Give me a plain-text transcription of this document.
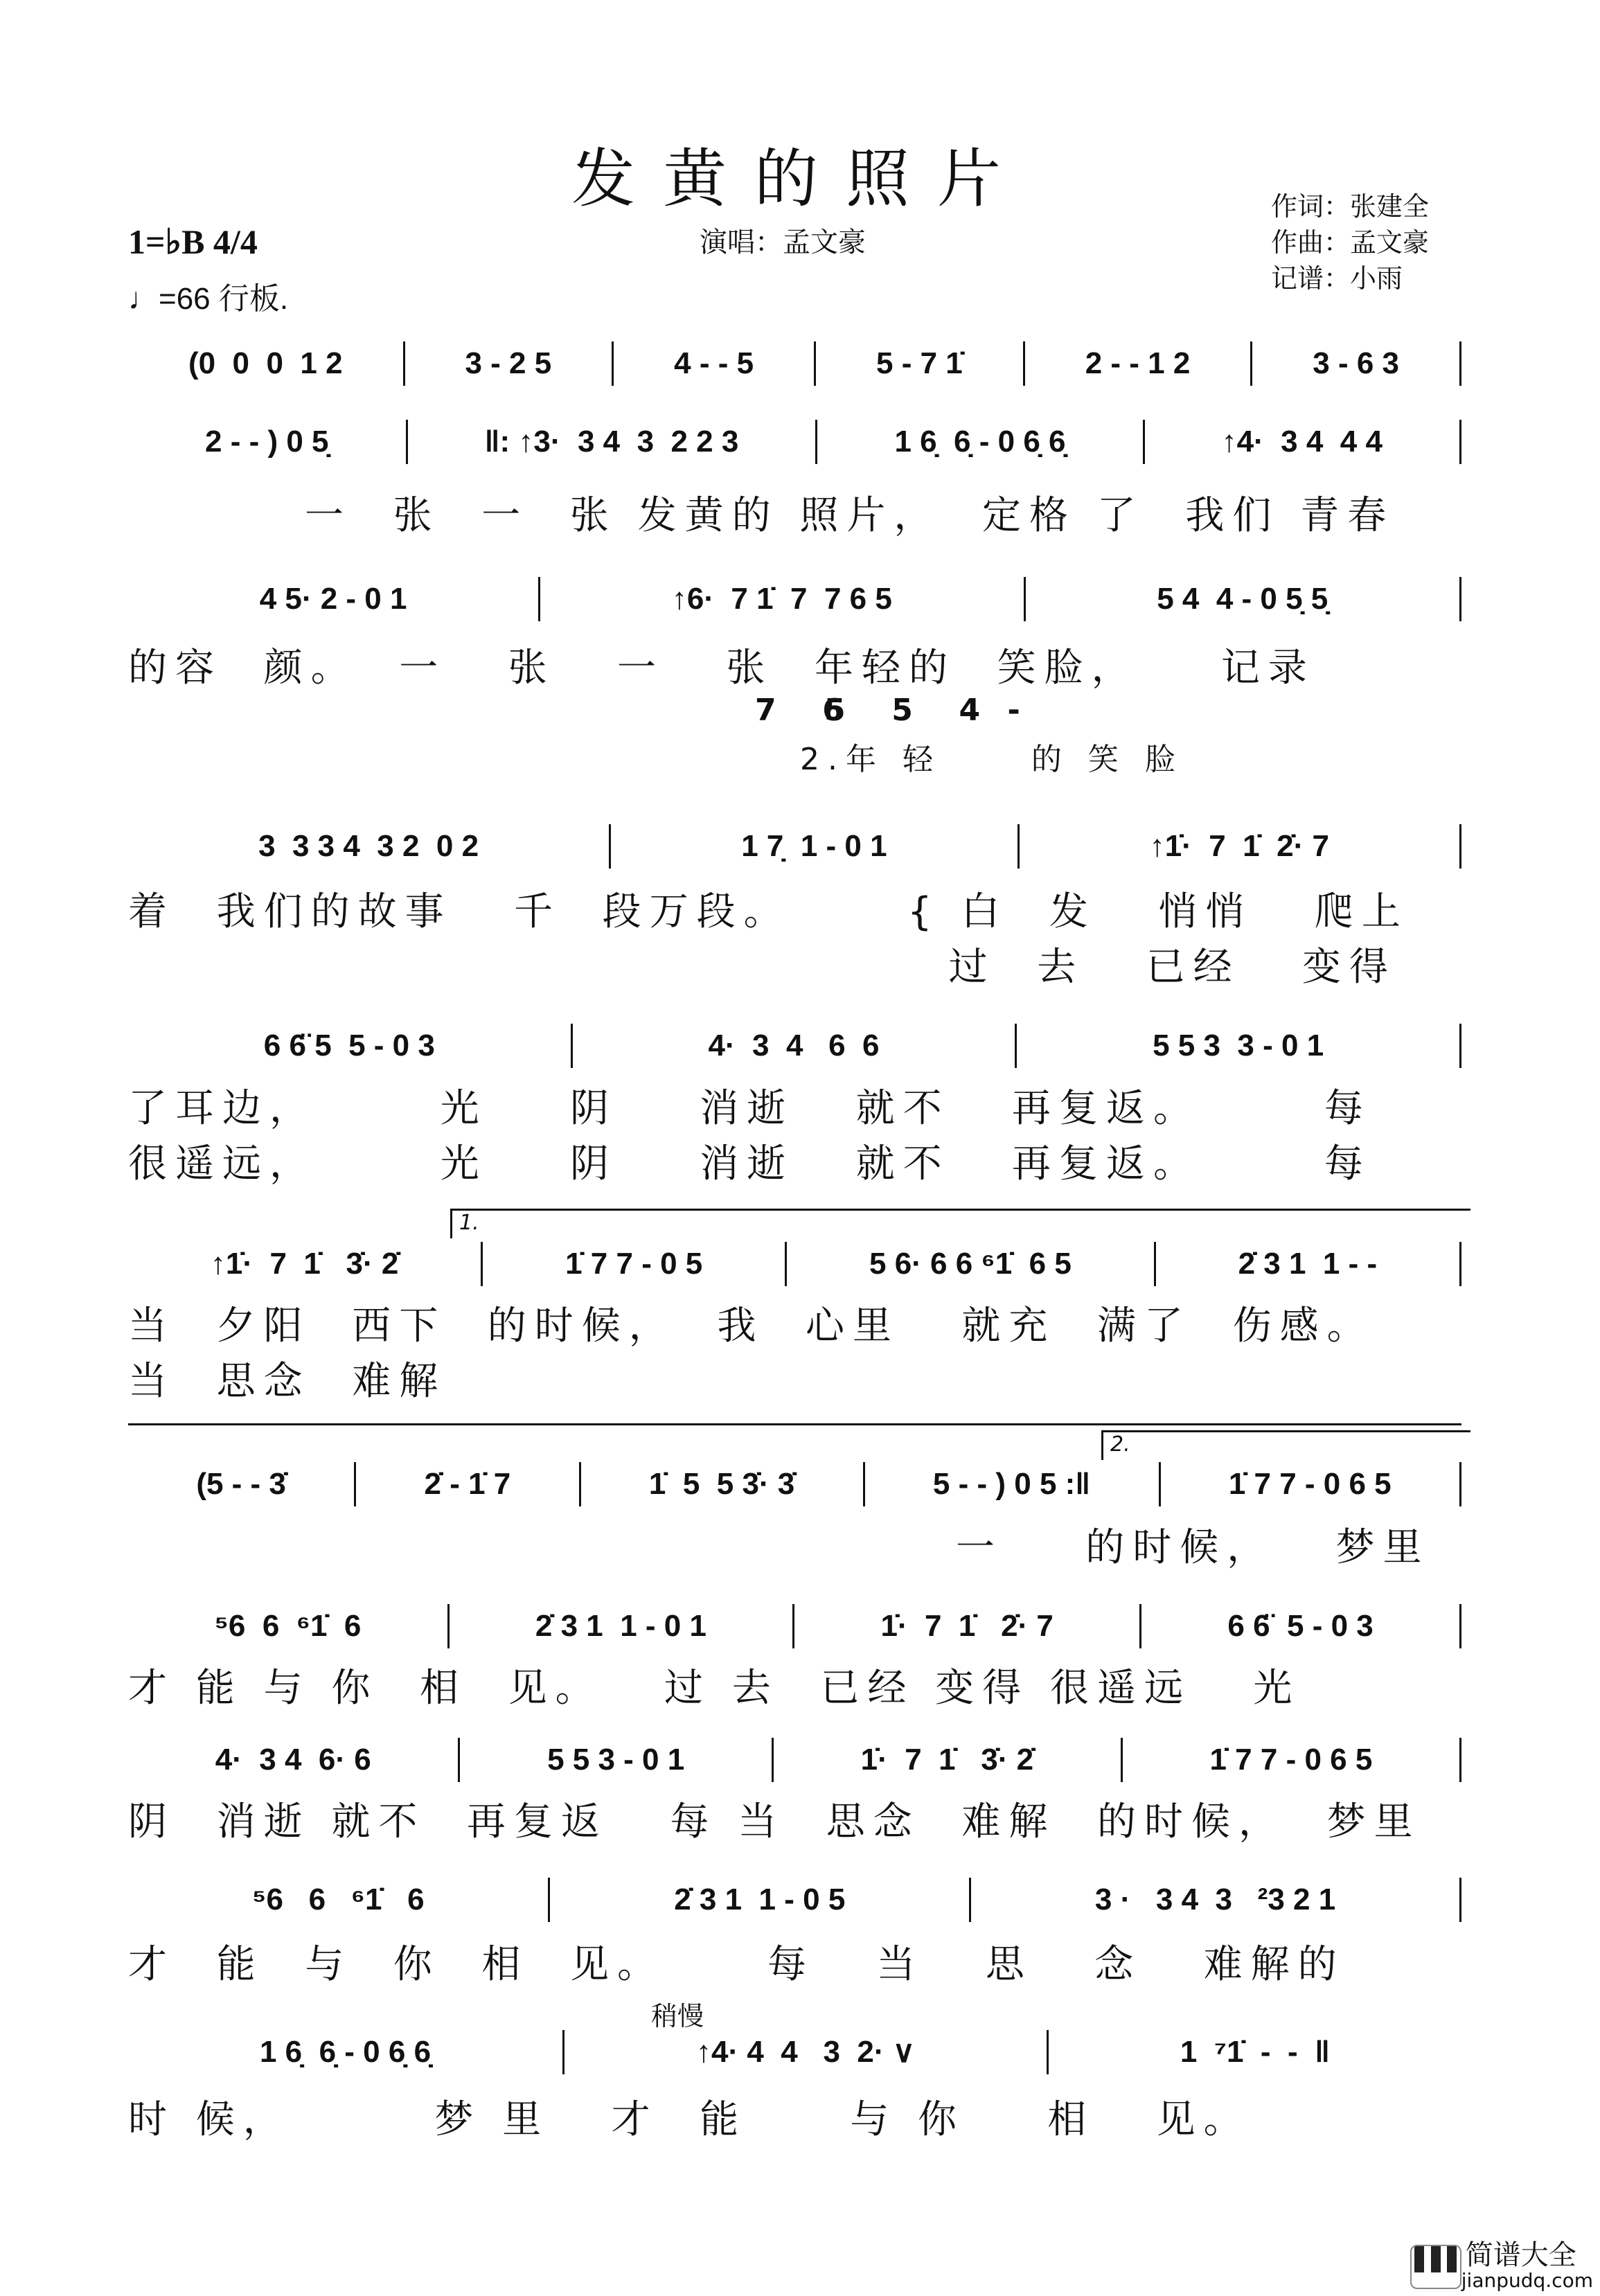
发黄的照片
1=♭B 4/4
♩=66 行板.
演唱：孟文豪
作词：张建全
作曲：孟文豪
记谱：小雨
(0  0  0  1 2	3 - 2 5	4 - - 5	5 - 7 1̇	2 - - 1 2	3 - 6 3
2 - - ) 0 5̣	‖: ↑3·  3 4  3  2 2 3	1 6̣  6̣ - 0 6̣ 6̣	↑4·  3 4  4 4
一  张  一  张 发黄的 照片，  定格 了  我们 青春
4 5· 2 - 0 1	↑6·  7 1̇  7  7 6 5	5 4  4 - 0 5̣ 5̣
的容  颜。  一   张   一   张  年轻的  笑脸，    记录
7  6
5  5  4 -
2.年 轻     的 笑 脸
3  3 3 4  3 2  0 2	1 7̣  1 - 0 1	↑1̇·  7  1̇  2̇· 7
着  我们的故事   千  段万段。	{ 白  发   悄悄   爬上
过  去   已经   变得
6 6̈ 5  5 - 0 3	4·  3  4   6  6	5 5 3  3 - 0 1
了耳边，      光    阴    消逝   就不   再复返。      每
很遥远，      光    阴    消逝   就不   再复返。      每
↑1̇·  7  1̇   3̇· 2̇	1̇ 7 7 - 0 5	5 6· 6 6 ⁶1̇  6 5	2̇ 3 1  1 - -
当  夕阳  西下  的时候，  我  心里   就充  满了  伤感。
当  思念  难解
1.
(5 - - 3̇	2̇ - 1̇ 7	1̇  5  5 3̇· 3̇	5 - - ) 0 5 :‖	1̇ 7 7 - 0 6 5
一    的时候，   梦里
2.
⁵6  6  ⁶1̇  6	2̇ 3 1  1 - 0 1	1̇·  7  1̇   2̇· 7	6 6̈  5 - 0 3
才 能 与 你  相  见。   过 去  已经 变得 很遥远   光
4·  3 4  6· 6	5 5 3 - 0 1	1̇·  7  1̇   3̇· 2̇	1̇ 7 7 - 0 6 5
阴  消逝 就不  再复返   每 当  思念  难解  的时候，  梦里
⁵6   6   ⁶1̇   6	2̇ 3 1  1 - 0 5	3 ·   3 4  3   ²3 2 1
才  能  与  你  相  见。     每   当   思   念   难解的
1 6̣  6̣ - 0 6̣ 6̣	↑4· 4  4   3  2· ∨	1  ⁷1̇  -  -  ‖
时 候，       梦 里   才  能     与 你    相   见。
稍慢
简谱大全
jianpudq.com
